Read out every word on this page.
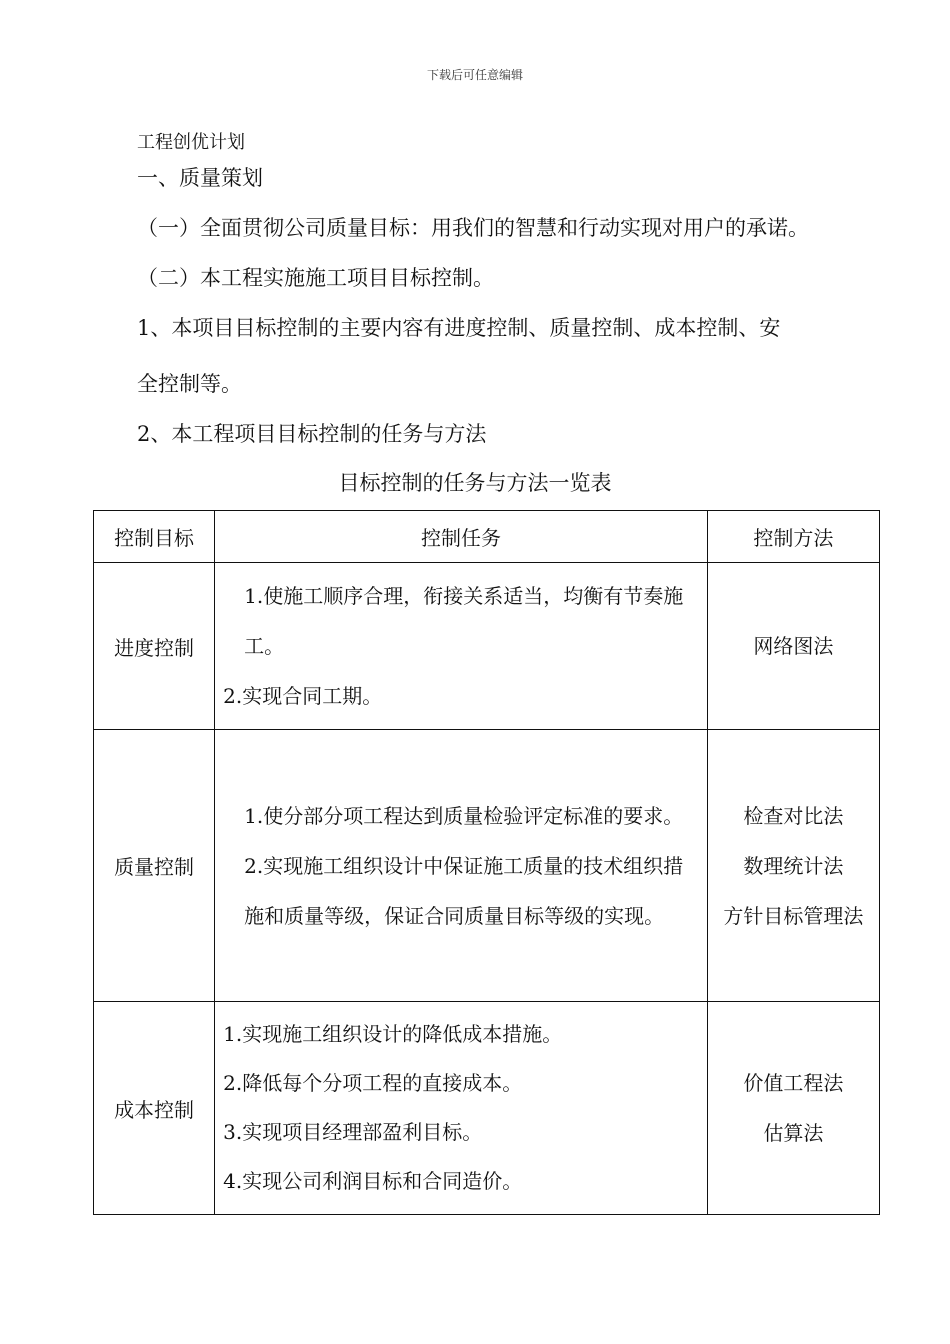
下载后可任意编辑
工程创优计划
一、质量策划
（一）全面贯彻公司质量目标：用我们的智慧和行动实现对用户的承诺。
（二）本工程实施施工项目目标控制。
1、本项目目标控制的主要内容有进度控制、质量控制、成本控制、安
全控制等。
2、本工程项目目标控制的任务与方法
目标控制的任务与方法一览表
控制目标	控制任务	控制方法
进度控制	1.使施工顺序合理，衔接关系适当，均衡有节奏施工。
2.实现合同工期。	网络图法

质量控制	1.使分部分项工程达到质量检验评定标准的要求。
2.实现施工组织设计中保证施工质量的技术组织措施和质量等级，保证合同质量目标等级的实现。	检查对比法
数理统计法
方针目标管理法

成本控制	1.实现施工组织设计的降低成本措施。
2.降低每个分项工程的直接成本。
3.实现项目经理部盈利目标。
4.实现公司利润目标和合同造价。	价值工程法
估算法
